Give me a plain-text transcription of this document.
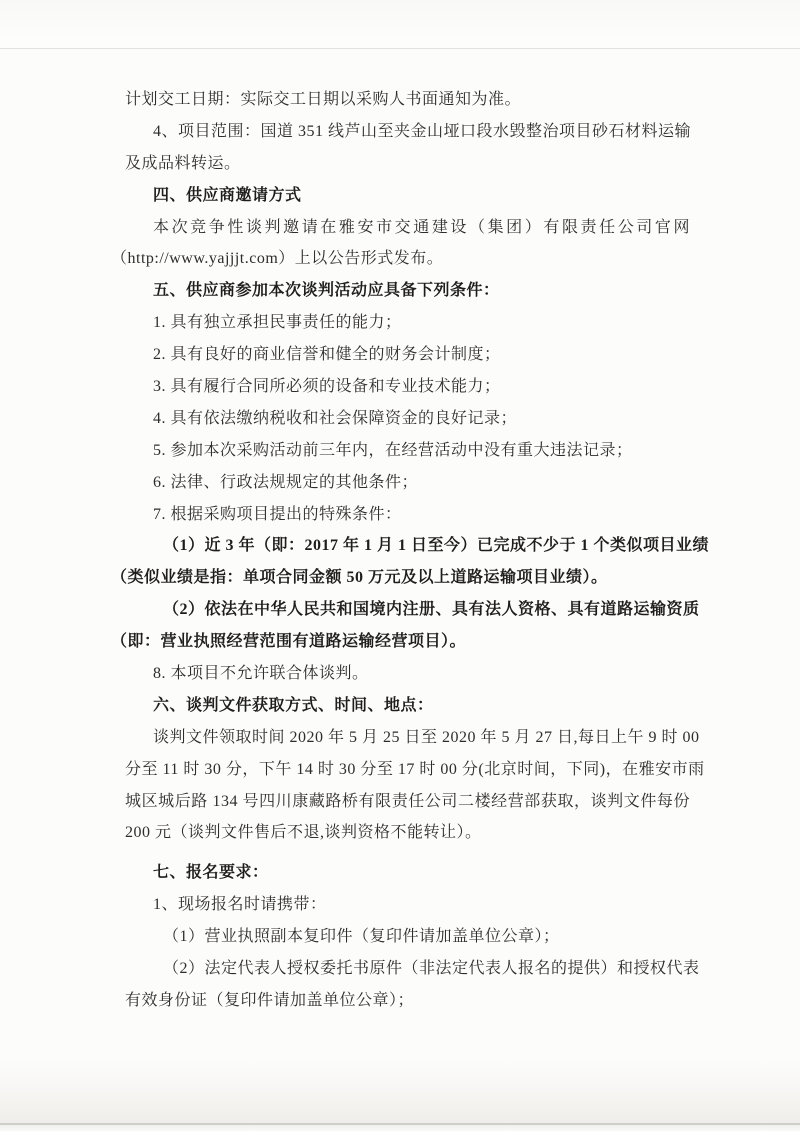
计划交工日期：实际交工日期以采购人书面通知为准。
4、项目范围：国道 351 线芦山至夹金山垭口段水毁整治项目砂石材料运输
及成品料转运。
四、供应商邀请方式
本次竞争性谈判邀请在雅安市交通建设（集团）有限责任公司官网
（http://www.yajjjt.com）上以公告形式发布。
五、供应商参加本次谈判活动应具备下列条件：
1. 具有独立承担民事责任的能力；
2. 具有良好的商业信誉和健全的财务会计制度；
3. 具有履行合同所必须的设备和专业技术能力；
4. 具有依法缴纳税收和社会保障资金的良好记录；
5. 参加本次采购活动前三年内，在经营活动中没有重大违法记录；
6. 法律、行政法规规定的其他条件；
7. 根据采购项目提出的特殊条件：
（1）近 3 年（即：2017 年 1 月 1 日至今）已完成不少于 1 个类似项目业绩
（类似业绩是指：单项合同金额 50 万元及以上道路运输项目业绩）。
（2）依法在中华人民共和国境内注册、具有法人资格、具有道路运输资质
（即：营业执照经营范围有道路运输经营项目）。
8. 本项目不允许联合体谈判。
六、谈判文件获取方式、时间、地点：
谈判文件领取时间 2020 年 5 月 25 日至 2020 年 5 月 27 日,每日上午 9 时 00
分至 11 时 30 分，下午 14 时 30 分至 17 时 00 分(北京时间，下同)，在雅安市雨
城区城后路 134 号四川康藏路桥有限责任公司二楼经营部获取，谈判文件每份
200 元（谈判文件售后不退,谈判资格不能转让）。
七、报名要求：
1、现场报名时请携带：
（1）营业执照副本复印件（复印件请加盖单位公章）；
（2）法定代表人授权委托书原件（非法定代表人报名的提供）和授权代表
有效身份证（复印件请加盖单位公章）；
